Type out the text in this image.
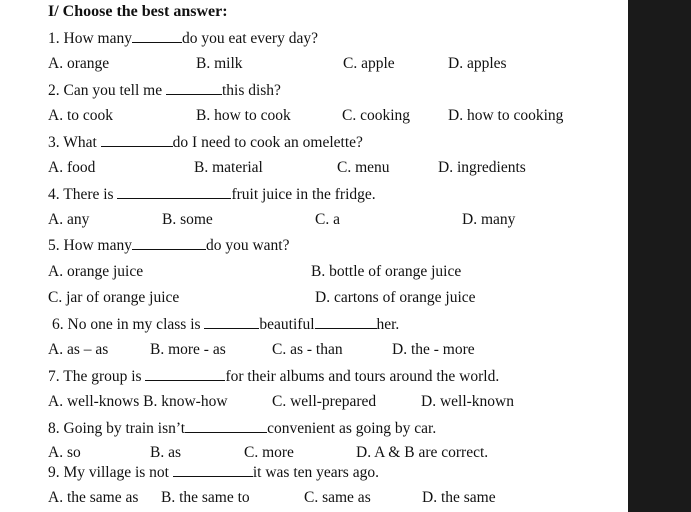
I/ Choose the best answer:
1. How many	do you eat every day?
A. orange	B. milk	C. apple	D. apples
2. Can you tell me	this dish?
A. to cook	B. how to cook	C. cooking D. how to cooking
3. What	do I need to cook an omelette?
A. food	B. material	C. menu	D. ingredients
4. There is	fruit juice in the fridge.
A. any	B. some	C. a	D. many
5. How many	do you want?
A. orange juice	B. bottle of orange juice
C. jar of orange juice	D. cartons of orange juice
6. No one in my class is	beautiful	her.
A. as – as	B. more - as	C. as - than	D. the - more
7. The group is	for their albums and tours around the world.
A. well-knows B. know-how	C. well-prepared	D. well-known
8. Going by train isn’t	convenient as going by car.
A. so	B. as	C. more	D. A & B are correct.
9. My village is not	it was ten years ago.
A. the same as B. the same to	C. same as	D. the same
